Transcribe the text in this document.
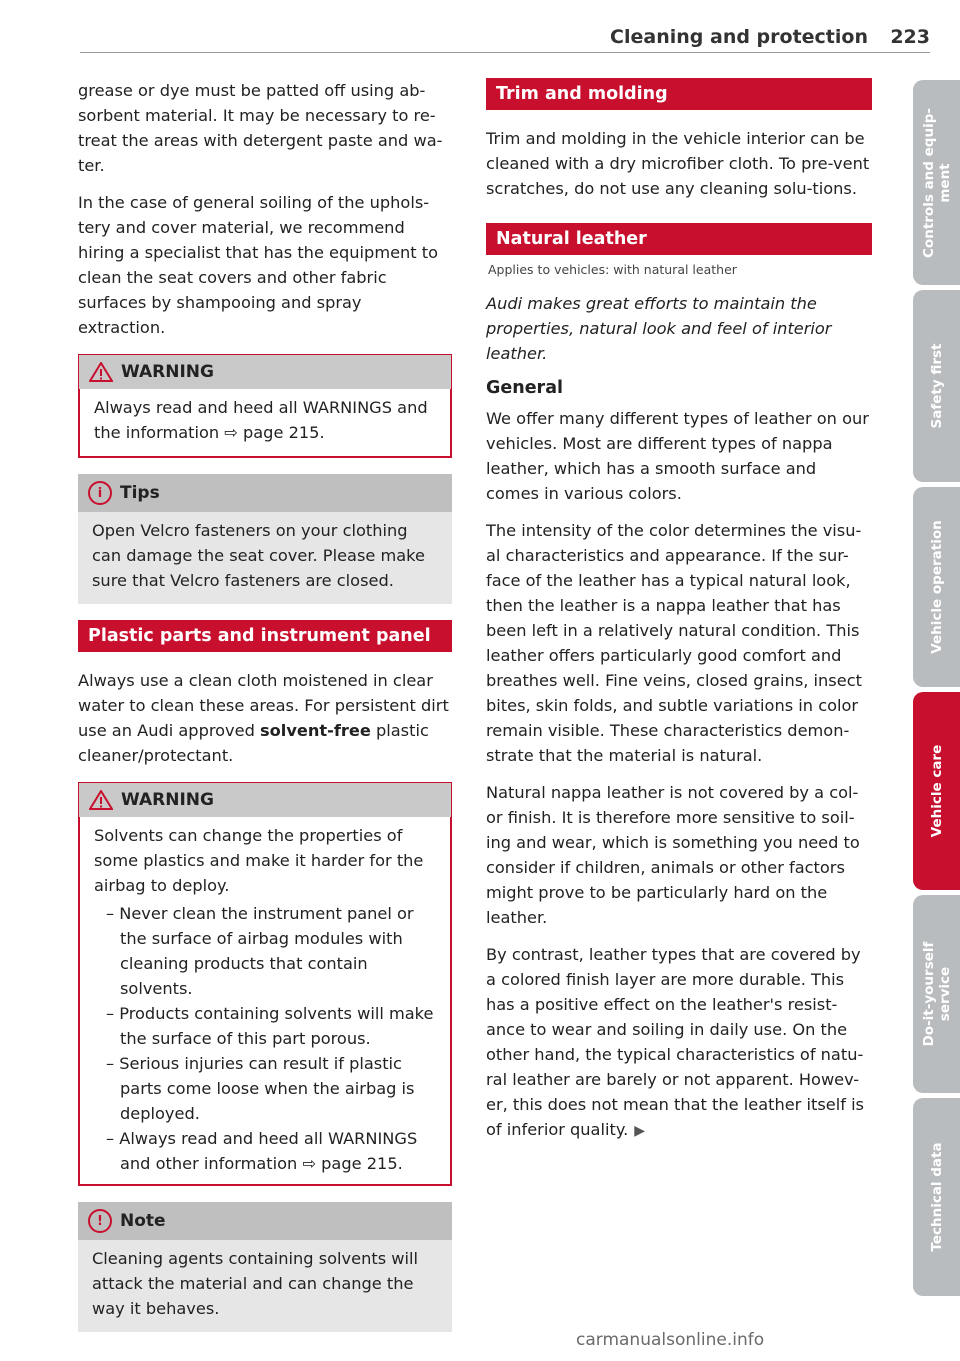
Cleaning and protection 223

grease or dye must be patted off using ab-sorbent material. It may be necessary to re-treat the areas with detergent paste and wa-ter.

In the case of general soiling of the uphols-tery and cover material, we recommend hiring a specialist that has the equipment to clean the seat covers and other fabric surfaces by shampooing and spray extraction.

WARNING

Always read and heed all WARNINGS and the information ⇨ page 215.

i	Tips

Open Velcro fasteners on your clothing can damage the seat cover. Please make sure that Velcro fasteners are closed.

Plastic parts and instrument panel

Always use a clean cloth moistened in clear water to clean these areas. For persistent dirt use an Audi approved solvent-free plastic cleaner/protectant.

WARNING

Solvents can change the properties of some plastics and make it harder for the airbag to deploy.

– Never clean the instrument panel or the surface of airbag modules with cleaning products that contain solvents.
– Products containing solvents will make the surface of this part porous.
– Serious injuries can result if plastic parts come loose when the airbag is deployed.
– Always read and heed all WARNINGS and other information ⇨ page 215.
!	Note

Cleaning agents containing solvents will attack the material and can change the way it behaves.

Trim and molding

Trim and molding in the vehicle interior can be cleaned with a dry microfiber cloth. To pre-vent scratches, do not use any cleaning solu-tions.

Natural leather

Applies to vehicles: with natural leather

Audi makes great efforts to maintain the properties, natural look and feel of interior leather.

General

We offer many different types of leather on our vehicles. Most are different types of nappa leather, which has a smooth surface and comes in various colors.

The intensity of the color determines the visu-al characteristics and appearance. If the sur-face of the leather has a typical natural look, then the leather is a nappa leather that has been left in a relatively natural condition. This leather offers particularly good comfort and breathes well. Fine veins, closed grains, insect bites, skin folds, and subtle variations in color remain visible. These characteristics demon-strate that the material is natural.

Natural nappa leather is not covered by a col-or finish. It is therefore more sensitive to soil-ing and wear, which is something you need to consider if children, animals or other factors might prove to be particularly hard on the leather.

By contrast, leather types that are covered by a colored finish layer are more durable. This has a positive effect on the leather's resist-ance to wear and soiling in daily use. On the other hand, the typical characteristics of natu-ral leather are barely or not apparent. Howev-er, this does not mean that the leather itself is of inferior quality. ▶

Controls and equip-
ment
Safety first
Vehicle operation
Vehicle care
Do-it-yourself
service
Technical data
carmanualsonline.info
